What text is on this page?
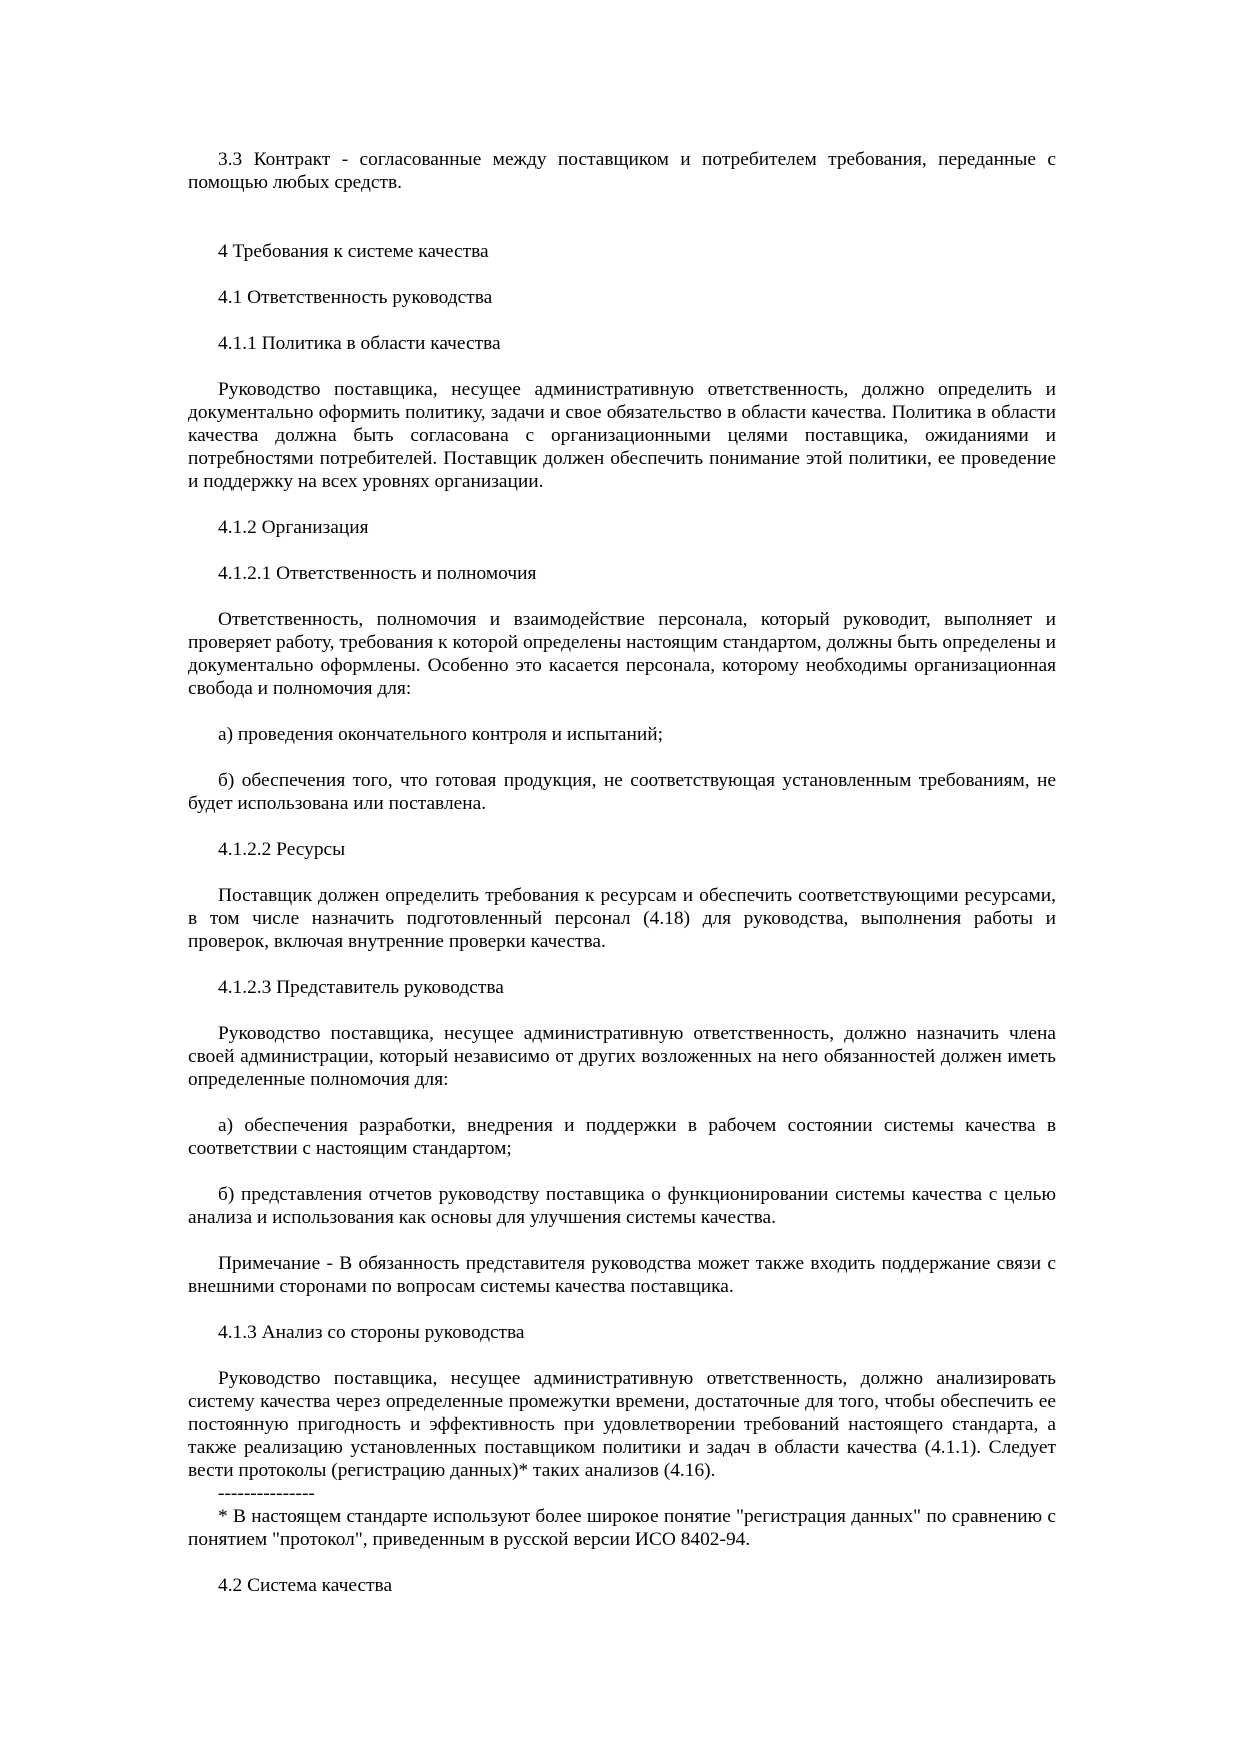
3.3 Контракт - согласованные между поставщиком и потребителем требования, переданные с помощью любых средств.

4 Требования к системе качества

4.1 Ответственность руководства

4.1.1 Политика в области качества

Руководство поставщика, несущее административную ответственность, должно определить и документально оформить политику, задачи и свое обязательство в области качества. Политика в области качества должна быть согласована с организационными целями поставщика, ожиданиями и потребностями потребителей. Поставщик должен обеспечить понимание этой политики, ее проведение и поддержку на всех уровнях организации.

4.1.2 Организация

4.1.2.1 Ответственность и полномочия

Ответственность, полномочия и взаимодействие персонала, который руководит, выполняет и проверяет работу, требования к которой определены настоящим стандартом, должны быть определены и документально оформлены. Особенно это касается персонала, которому необходимы организационная свобода и полномочия для:

а) проведения окончательного контроля и испытаний;

б) обеспечения того, что готовая продукция, не соответствующая установленным требованиям, не будет использована или поставлена.

4.1.2.2 Ресурсы

Поставщик должен определить требования к ресурсам и обеспечить соответствующими ресурсами, в том числе назначить подготовленный персонал (4.18) для руководства, выполнения работы и проверок, включая внутренние проверки качества.

4.1.2.3 Представитель руководства

Руководство поставщика, несущее административную ответственность, должно назначить члена своей администрации, который независимо от других возложенных на него обязанностей должен иметь определенные полномочия для:

а) обеспечения разработки, внедрения и поддержки в рабочем состоянии системы качества в соответствии с настоящим стандартом;

б) представления отчетов руководству поставщика о функционировании системы качества с целью анализа и использования как основы для улучшения системы качества.

Примечание - В обязанность представителя руководства может также входить поддержание связи с внешними сторонами по вопросам системы качества поставщика.

4.1.3 Анализ со стороны руководства

Руководство поставщика, несущее административную ответственность, должно анализировать систему качества через определенные промежутки времени, достаточные для того, чтобы обеспечить ее постоянную пригодность и эффективность при удовлетворении требований настоящего стандарта, а также реализацию установленных поставщиком политики и задач в области качества (4.1.1). Следует вести протоколы (регистрацию данных)* таких анализов (4.16).

---------------

* В настоящем стандарте используют более широкое понятие "регистрация данных" по сравнению с понятием "протокол", приведенным в русской версии ИСО 8402-94.

4.2 Система качества
